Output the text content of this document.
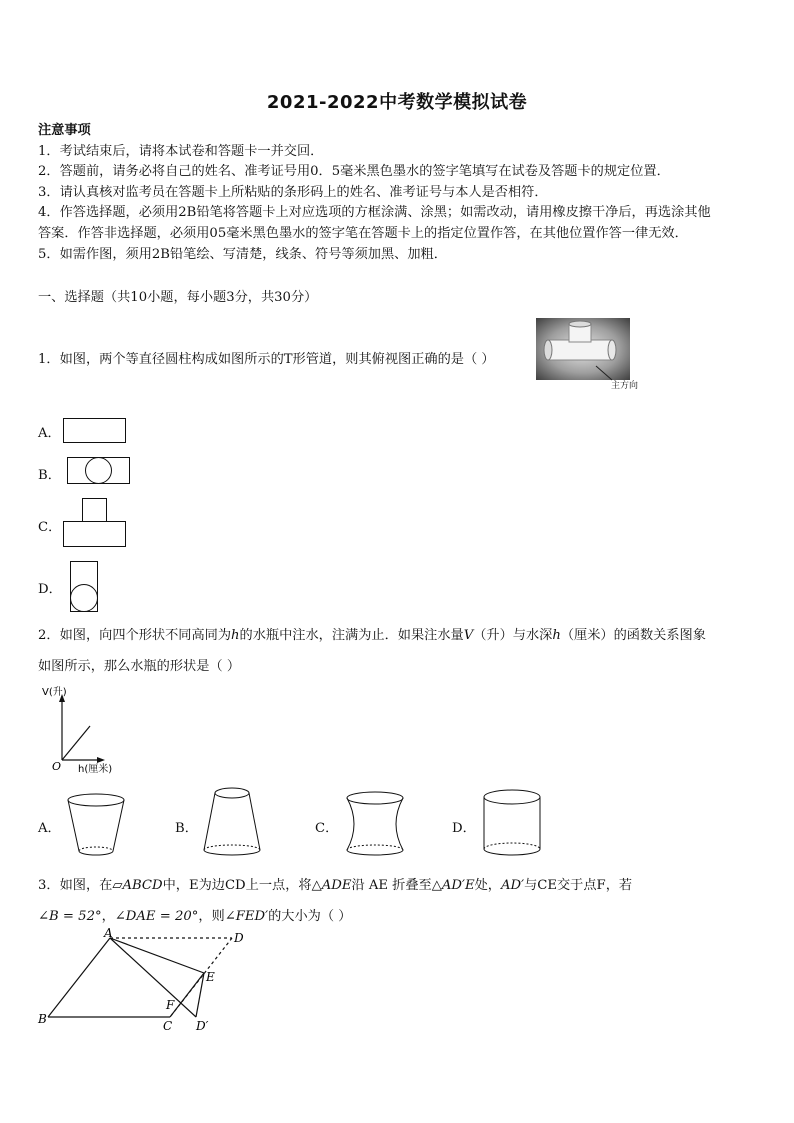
2021-2022中考数学模拟试卷

注意事项

1．考试结束后，请将本试卷和答题卡一并交回．

2．答题前，请务必将自己的姓名、准考证号用0．5毫米黑色墨水的签字笔填写在试卷及答题卡的规定位置．

3．请认真核对监考员在答题卡上所粘贴的条形码上的姓名、准考证号与本人是否相符．

4．作答选择题，必须用2B铅笔将答题卡上对应选项的方框涂满、涂黑；如需改动，请用橡皮擦干净后，再选涂其他

答案．作答非选择题，必须用05毫米黑色墨水的签字笔在答题卡上的指定位置作答，在其他位置作答一律无效．

5．如需作图，须用2B铅笔绘、写清楚，线条、符号等须加黑、加粗．

一、选择题（共10小题，每小题3分，共30分）
1．如图，两个等直径圆柱构成如图所示的T形管道，则其俯视图正确的是（ ）
主方向
A．
B．
C．
D．
2．如图，向四个形状不同高同为h的水瓶中注水，注满为止．如果注水量V（升）与水深h（厘米）的函数关系图象
如图所示，那么水瓶的形状是（ ）
V(升)
O h(厘米)
A．	B．	C．	D．
3．如图，在▱ABCD中，E为边CD上一点，将△ADE沿 AE 折叠至△AD′E处，AD′与CE交于点F，若
∠B = 52°，∠DAE = 20°，则∠FED′的大小为（ ）
A
B	C
D
E
F
D′
